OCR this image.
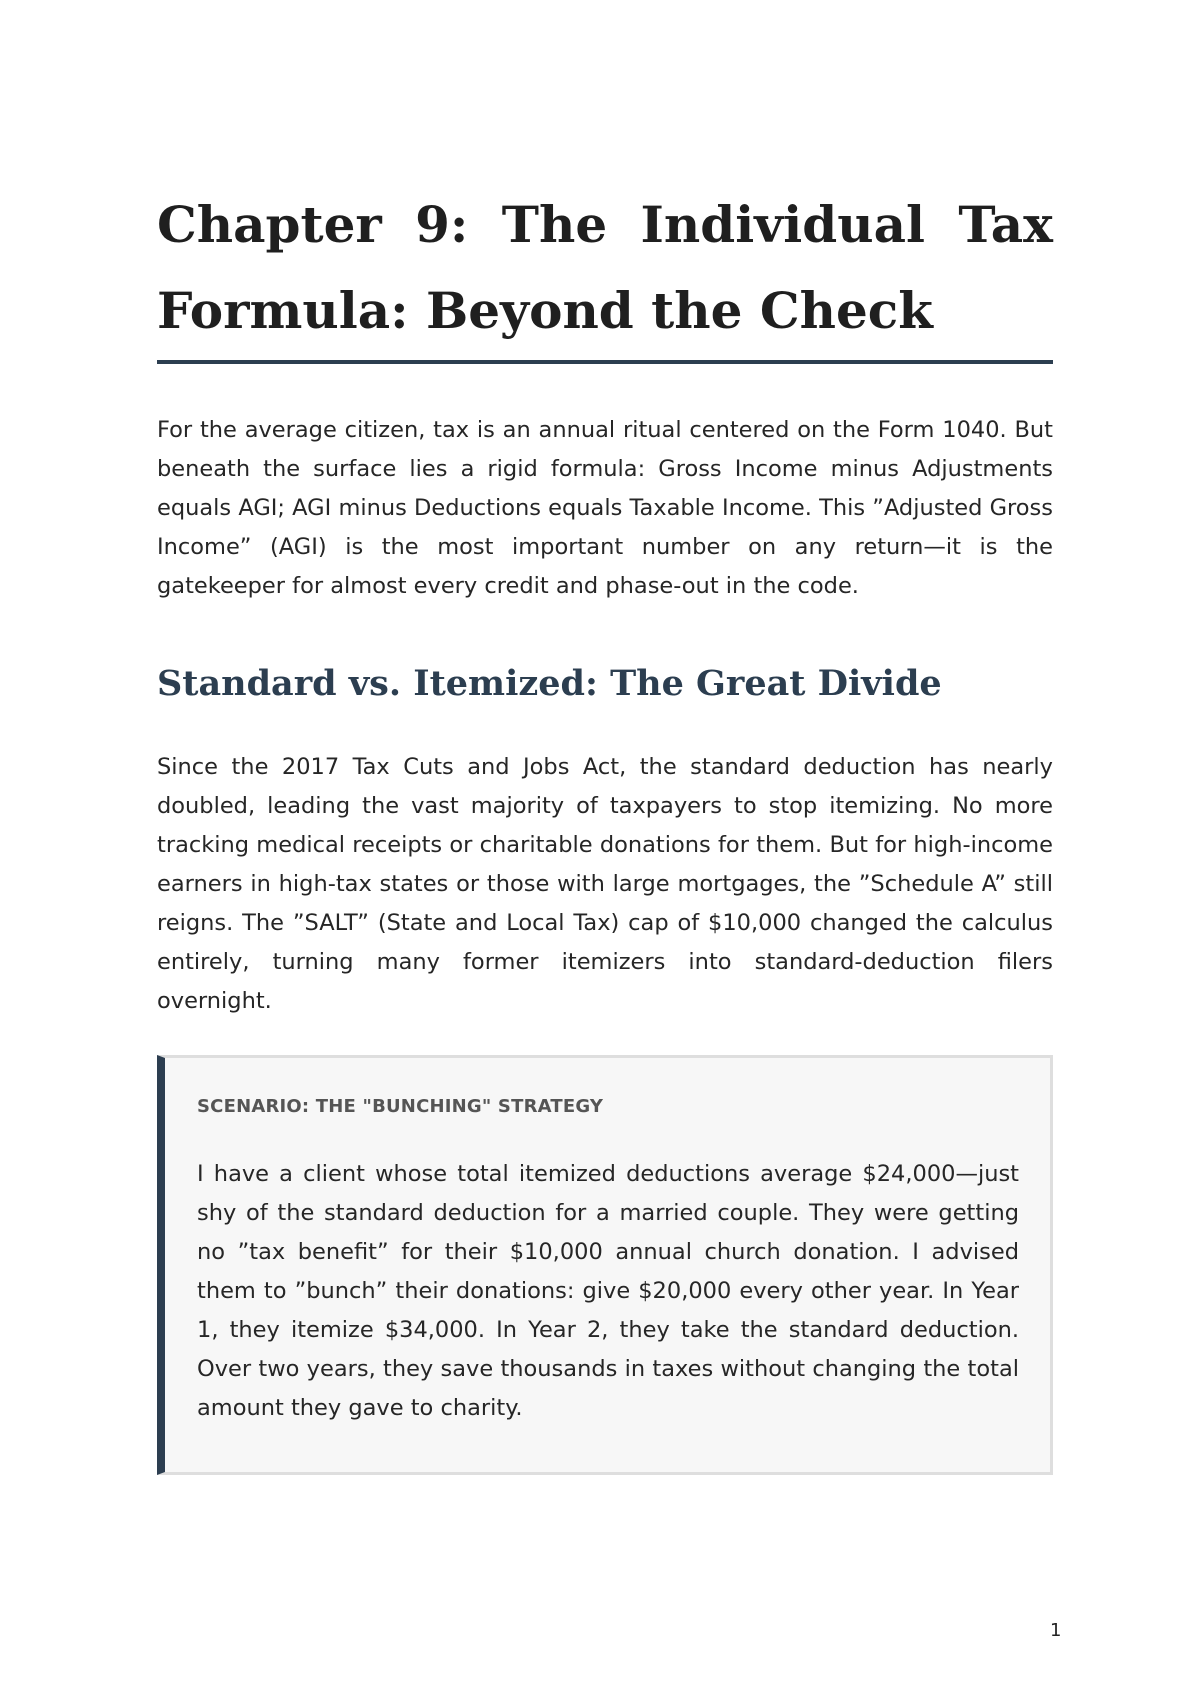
Chapter 9: The Individual Tax Formula: Beyond the Check

For the average citizen, tax is an annual ritual centered on the Form 1040. But beneath the surface lies a rigid formula: Gross Income minus Adjustments equals AGI; AGI minus Deductions equals Taxable Income. This ”Adjusted Gross Income” (AGI) is the most important number on any return—it is the gatekeeper for almost every credit and phase-out in the code.

Standard vs. Itemized: The Great Divide

Since the 2017 Tax Cuts and Jobs Act, the standard deduction has nearly doubled, leading the vast majority of taxpayers to stop itemizing. No more tracking medical receipts or charitable donations for them. But for high-income earners in high-tax states or those with large mortgages, the ”Schedule A” still reigns. The ”SALT” (State and Local Tax) cap of $10,000 changed the calculus entirely, turning many former itemizers into standard-deduction filers overnight.

SCENARIO: THE "BUNCHING" STRATEGY

I have a client whose total itemized deductions average $24,000—just shy of the standard deduction for a married couple. They were getting no ”tax benefit” for their $10,000 annual church donation. I advised them to ”bunch” their donations: give $20,000 every other year. In Year 1, they itemize $34,000. In Year 2, they take the standard deduction. Over two years, they save thousands in taxes without changing the total amount they gave to charity.

1
